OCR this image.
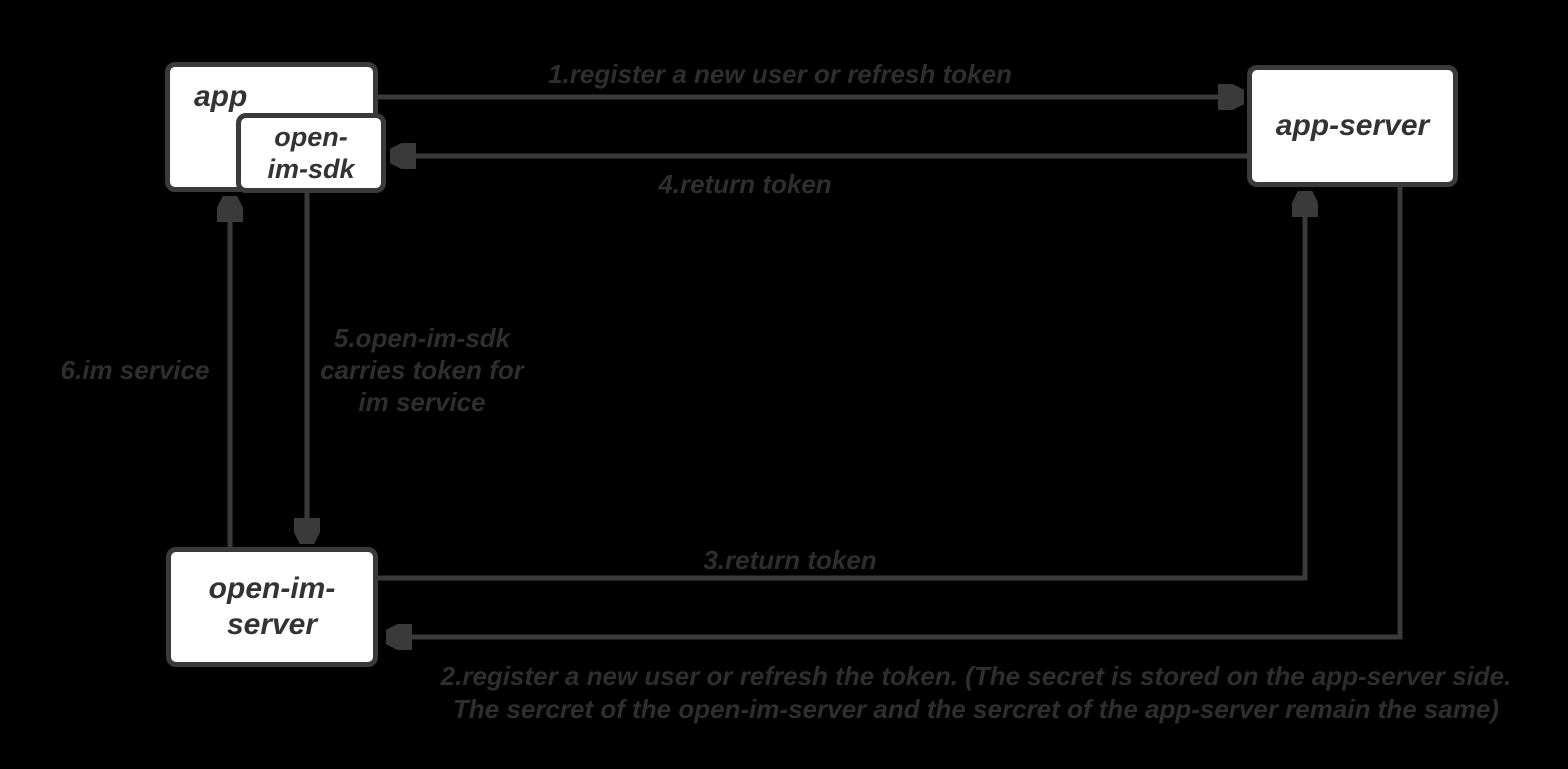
app
open-
im-sdk
app-server
open-im-
server
1.register a new user or refresh token
4.return token
6.im service
5.open-im-sdk
carries token for
im service
3.return token
2.register a new user or refresh the token. (The secret is stored on the app-server side.
The sercret of the open-im-server and the sercret of the app-server remain the same)
